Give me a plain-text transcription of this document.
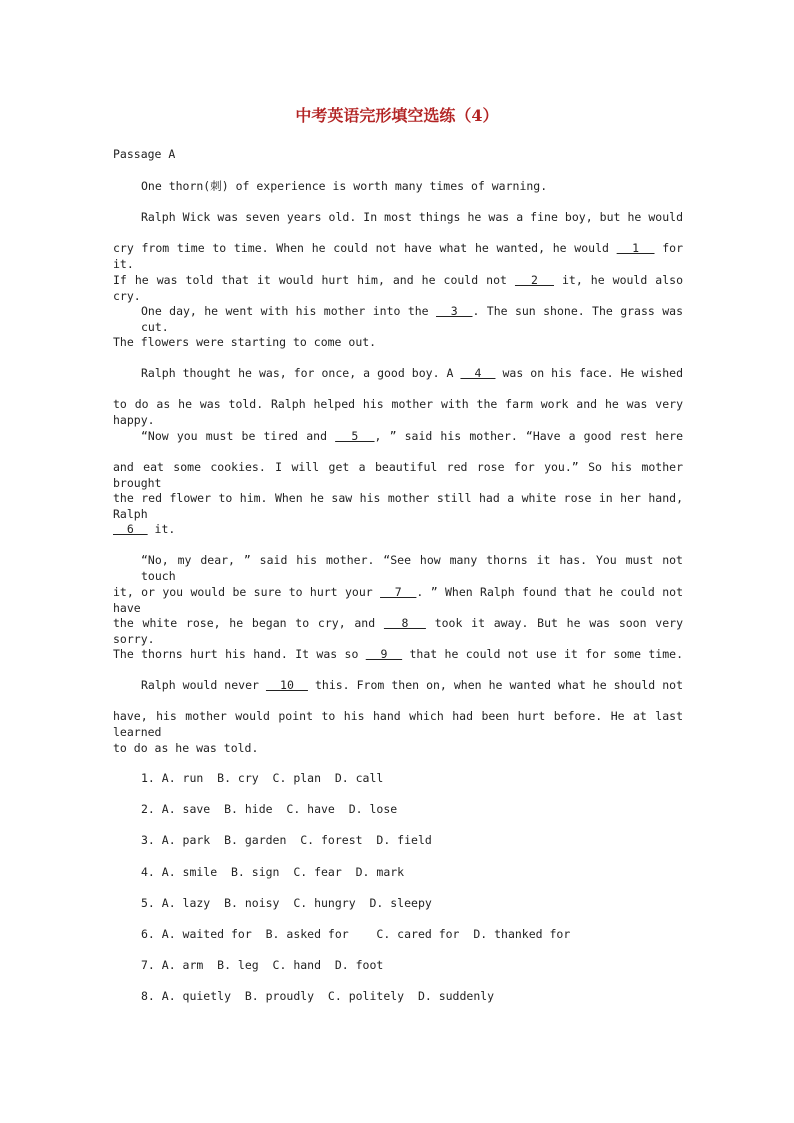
中考英语完形填空选练（4）
Passage A
One thorn(刺) of experience is worth many times of warning.
Ralph Wick was seven years old. In most things he was a fine boy, but he would
cry from time to time. When he could not have what he wanted, he would   1   for it.
If he was told that it would hurt him, and he could not   2   it, he would also cry.
One day, he went with his mother into the   3  . The sun shone. The grass was cut.
The flowers were starting to come out.
Ralph thought he was, for once, a good boy. A   4   was on his face. He wished
to do as he was told. Ralph helped his mother with the farm work and he was very happy.
“Now you must be tired and   5  , ” said his mother. “Have a good rest here
and eat some cookies. I will get a beautiful red rose for you.” So his mother brought
the red flower to him. When he saw his mother still had a white rose in her hand, Ralph
6   it.
“No, my dear, ” said his mother. “See how many thorns it has. You must not touch
it, or you would be sure to hurt your   7  . ” When Ralph found that he could not have
the white rose, he began to cry, and   8   took it away. But he was soon very sorry.
The thorns hurt his hand. It was so   9   that he could not use it for some time.
Ralph would never   10   this. From then on, when he wanted what he should not
have, his mother would point to his hand which had been hurt before. He at last learned
to do as he was told.
1. A. run  B. cry  C. plan  D. call
2. A. save  B. hide  C. have  D. lose
3. A. park  B. garden  C. forest  D. field
4. A. smile  B. sign  C. fear  D. mark
5. A. lazy  B. noisy  C. hungry  D. sleepy
6. A. waited for  B. asked for    C. cared for  D. thanked for
7. A. arm  B. leg  C. hand  D. foot
8. A. quietly  B. proudly  C. politely  D. suddenly
